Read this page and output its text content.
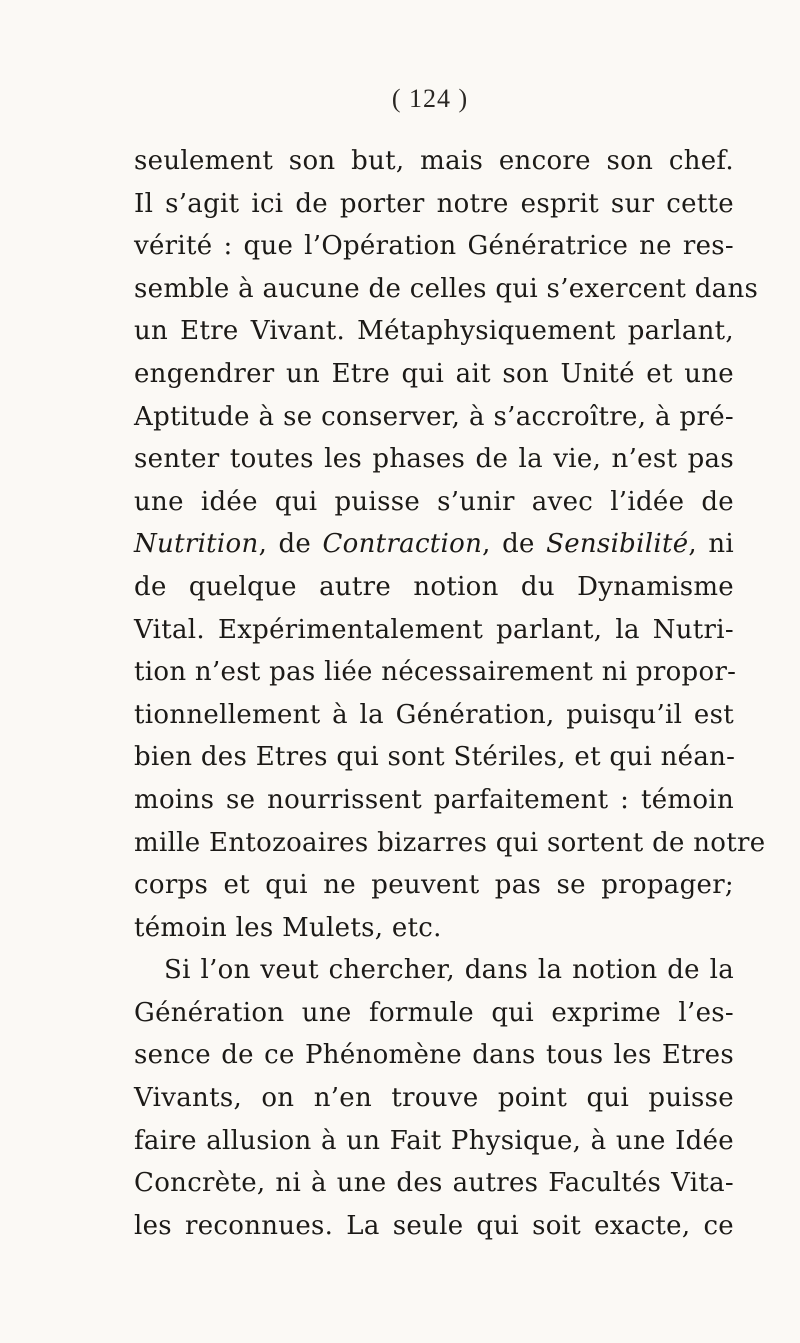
( 124 )
seulement son but, mais encore son chef.
Il s’agit ici de porter notre esprit sur cette
vérité : que l’Opération Génératrice ne res-
semble à aucune de celles qui s’exercent dans
un Etre Vivant. Métaphysiquement parlant,
engendrer un Etre qui ait son Unité et une
Aptitude à se conserver, à s’accroître, à pré-
senter toutes les phases de la vie, n’est pas
une idée qui puisse s’unir avec l’idée de
Nutrition, de Contraction, de Sensibilité, ni
de quelque autre notion du Dynamisme
Vital. Expérimentalement parlant, la Nutri-
tion n’est pas liée nécessairement ni propor-
tionnellement à la Génération, puisqu’il est
bien des Etres qui sont Stériles, et qui néan-
moins se nourrissent parfaitement : témoin
mille Entozoaires bizarres qui sortent de notre
corps et qui ne peuvent pas se propager;
témoin les Mulets, etc.
Si l’on veut chercher, dans la notion de la
Génération une formule qui exprime l’es-
sence de ce Phénomène dans tous les Etres
Vivants, on n’en trouve point qui puisse
faire allusion à un Fait Physique, à une Idée
Concrète, ni à une des autres Facultés Vita-
les reconnues. La seule qui soit exacte, ce
